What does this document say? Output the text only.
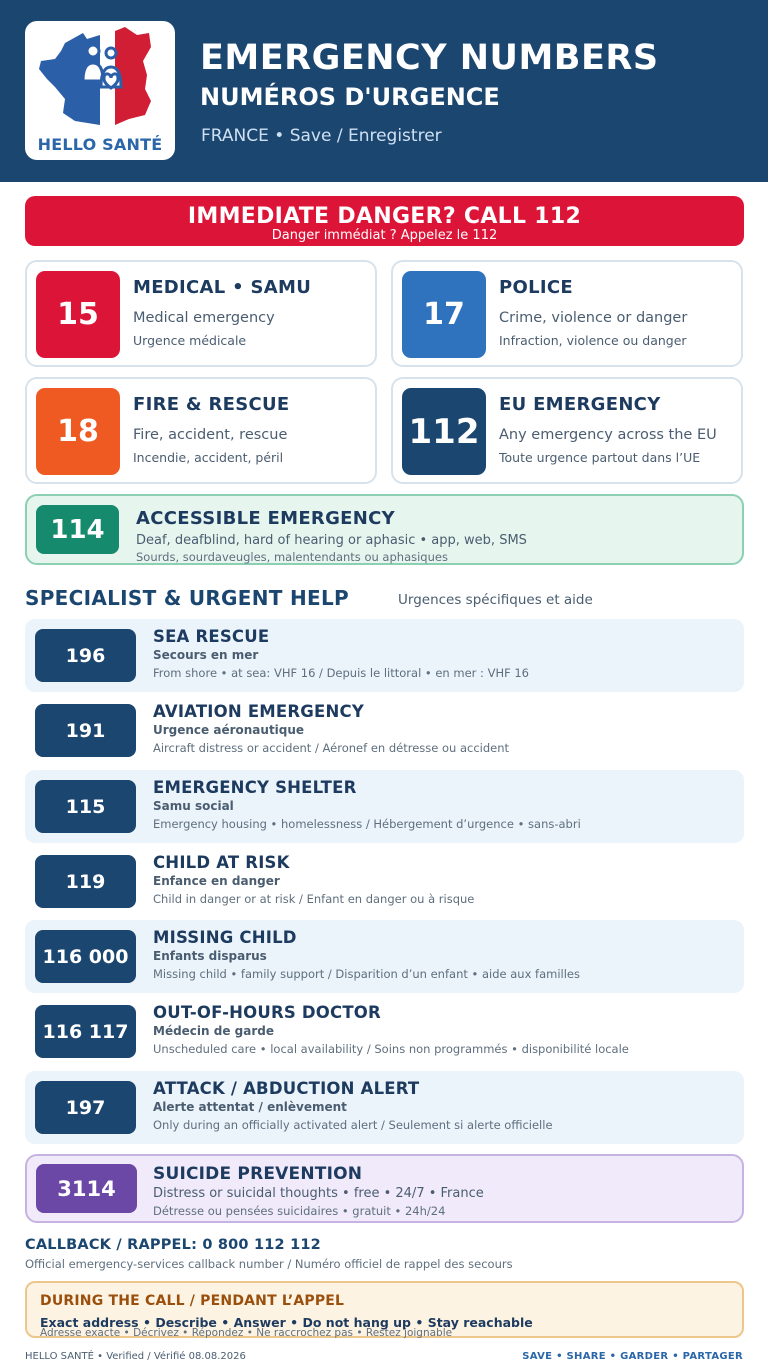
HELLO SANTÉ
EMERGENCY NUMBERS
NUMÉROS D'URGENCE
FRANCE • Save / Enregistrer
IMMEDIATE DANGER? CALL 112
Danger immédiat ? Appelez le 112
15
MEDICAL • SAMU
Medical emergency
Urgence médicale
17
POLICE
Crime, violence or danger
Infraction, violence ou danger
18
FIRE & RESCUE
Fire, accident, rescue
Incendie, accident, péril
112
EU EMERGENCY
Any emergency across the EU
Toute urgence partout dans l’UE
114	ACCESSIBLE EMERGENCY
Deaf, deafblind, hard of hearing or aphasic • app, web, SMS
Sourds, sourdaveugles, malentendants ou aphasiques
SPECIALIST & URGENT HELP	Urgences spécifiques et aide
196
SEA RESCUE
Secours en mer
From shore • at sea: VHF 16 / Depuis le littoral • en mer : VHF 16
191
AVIATION EMERGENCY
Urgence aéronautique
Aircraft distress or accident / Aéronef en détresse ou accident
115
EMERGENCY SHELTER
Samu social
Emergency housing • homelessness / Hébergement d’urgence • sans-abri
119
CHILD AT RISK
Enfance en danger
Child in danger or at risk / Enfant en danger ou à risque
116 000
MISSING CHILD
Enfants disparus
Missing child • family support / Disparition d’un enfant • aide aux familles
116 117
OUT-OF-HOURS DOCTOR
Médecin de garde
Unscheduled care • local availability / Soins non programmés • disponibilité locale
197
ATTACK / ABDUCTION ALERT
Alerte attentat / enlèvement
Only during an officially activated alert / Seulement si alerte officielle
3114
SUICIDE PREVENTION
Distress or suicidal thoughts • free • 24/7 • France
Détresse ou pensées suicidaires • gratuit • 24h/24
CALLBACK / RAPPEL: 0 800 112 112
Official emergency-services callback number / Numéro officiel de rappel des secours
DURING THE CALL / PENDANT L’APPEL
Exact address • Describe • Answer • Do not hang up • Stay reachable
Adresse exacte • Décrivez • Répondez • Ne raccrochez pas • Restez joignable
HELLO SANTÉ • Verified / Vérifié 08.08.2026	SAVE • SHARE • GARDER • PARTAGER
